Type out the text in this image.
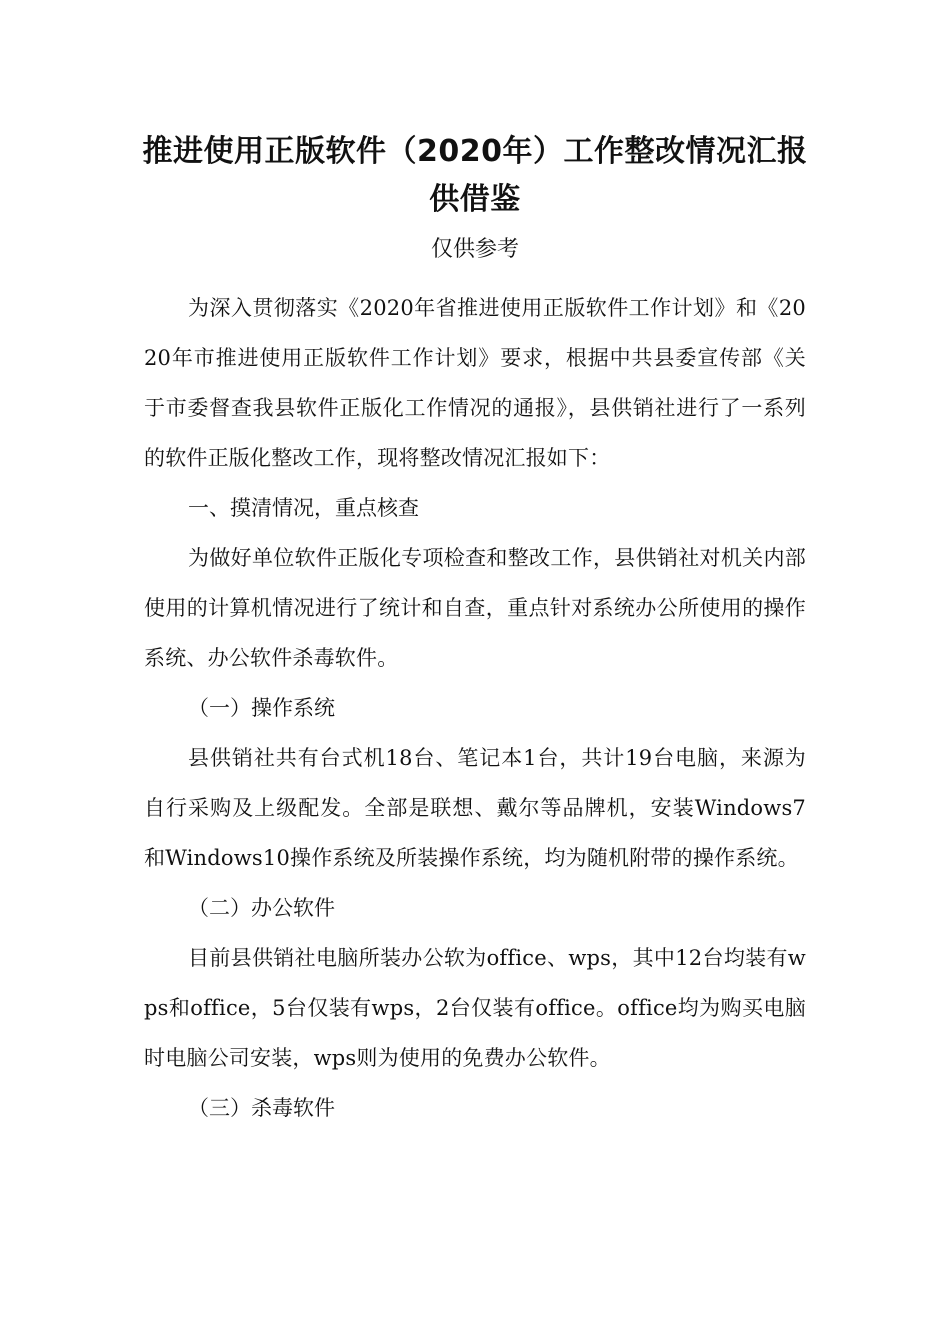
推进使用正版软件（2020年）工作整改情况汇报供借鉴

仅供参考

为深入贯彻落实《2020年省推进使用正版软件工作计划》和《2020年市推进使用正版软件工作计划》要求，根据中共县委宣传部《关于市委督查我县软件正版化工作情况的通报》，县供销社进行了一系列的软件正版化整改工作，现将整改情况汇报如下：

一、摸清情况，重点核查

为做好单位软件正版化专项检查和整改工作，县供销社对机关内部使用的计算机情况进行了统计和自查，重点针对系统办公所使用的操作系统、办公软件杀毒软件。

（一）操作系统

县供销社共有台式机18台、笔记本1台，共计19台电脑，来源为自行采购及上级配发。全部是联想、戴尔等品牌机，安装Windows7和Windows10操作系统及所装操作系统，均为随机附带的操作系统。

（二）办公软件

目前县供销社电脑所装办公软为office、wps，其中12台均装有wps和office，5台仅装有wps，2台仅装有office。office均为购买电脑时电脑公司安装，wps则为使用的免费办公软件。

（三）杀毒软件
